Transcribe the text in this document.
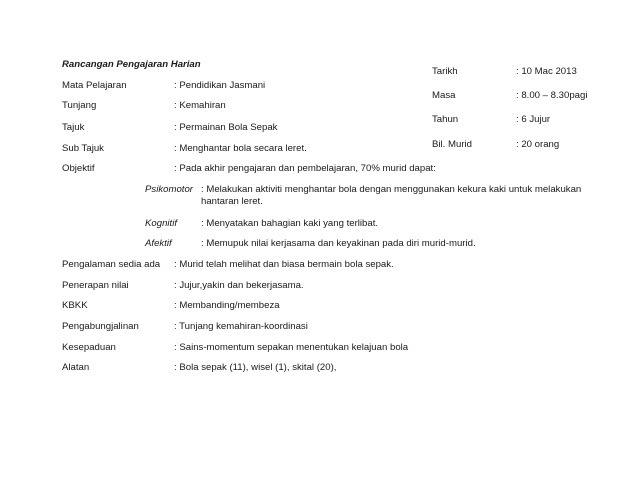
Rancangan Pengajaran Harian
Tarikh	: 10 Mac 2013
Masa	: 8.00 – 8.30pagi
Tahun	: 6 Jujur
Bil. Murid	: 20 orang
Mata Pelajaran	: Pendidikan Jasmani
Tunjang	: Kemahiran
Tajuk	: Permainan Bola Sepak
Sub Tajuk	: Menghantar bola secara leret.
Objektif	: Pada akhir pengajaran dan pembelajaran, 70% murid dapat:
Psikomotor : Melakukan aktiviti menghantar bola dengan menggunakan kekura kaki untuk melakukan hantaran leret.
Kognitif	: Menyatakan bahagian kaki yang terlibat.
Afektif	: Memupuk nilai kerjasama dan keyakinan pada diri murid-murid.
Pengalaman sedia ada : Murid telah melihat dan biasa bermain bola sepak.
Penerapan nilai	: Jujur,yakin dan bekerjasama.
KBKK	: Membanding/membeza
Pengabungjalinan	: Tunjang kemahiran-koordinasi
Kesepaduan	: Sains-momentum sepakan menentukan kelajuan bola
Alatan	: Bola sepak (11), wisel (1), skital (20),
